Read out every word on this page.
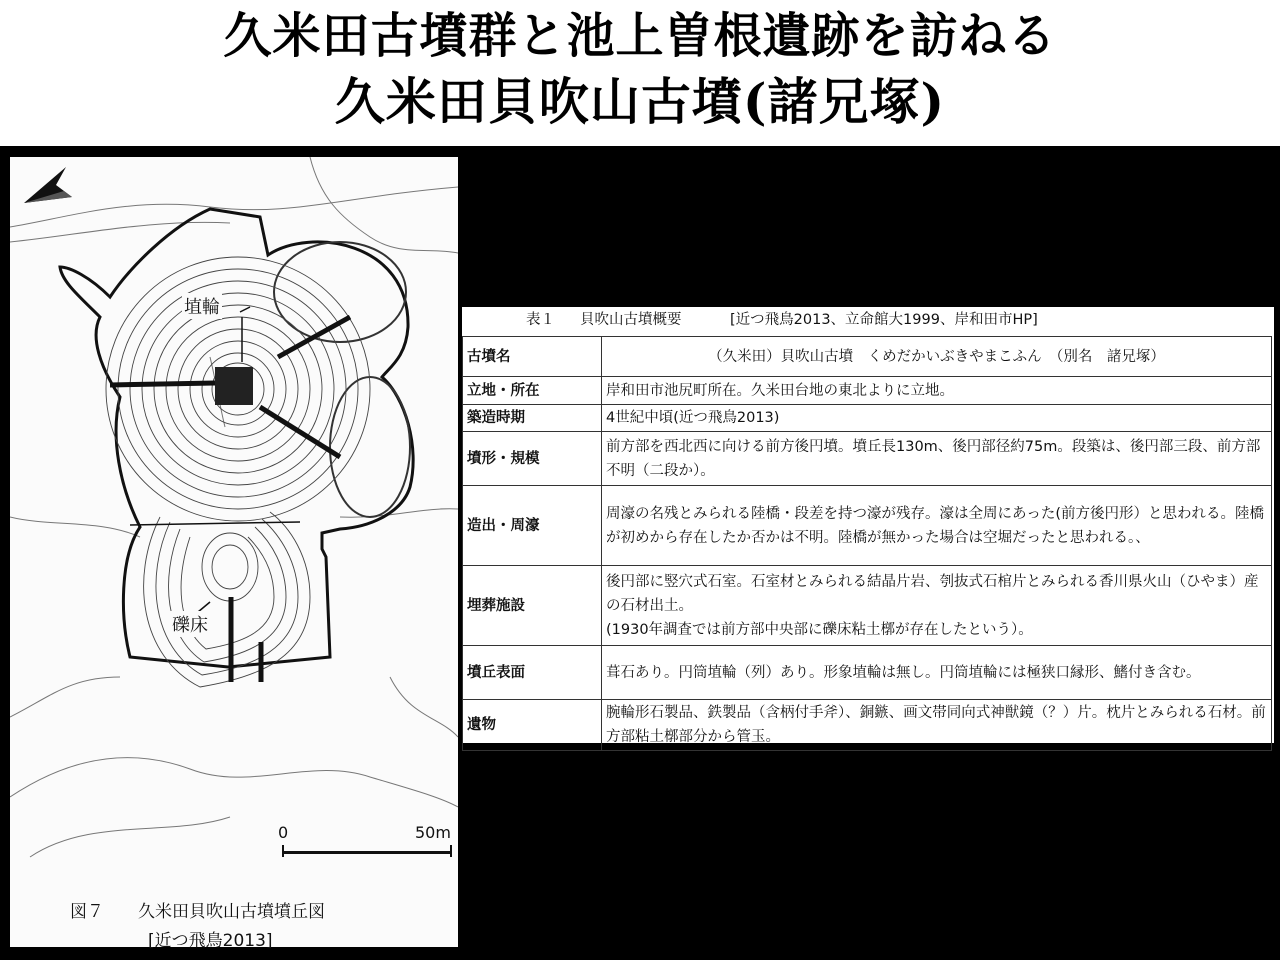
久米田古墳群と池上曽根遺跡を訪ねる
久米田貝吹山古墳(諸兄塚)
埴輪
礫床
0	50m
図７ 久米田貝吹山古墳墳丘図
[近つ飛鳥2013]
表１ 貝吹山古墳概要	[近つ飛鳥2013、立命館大1999、岸和田市HP]
古墳名	（久米田）貝吹山古墳　くめだかいぶきやまこふん　（別名　諸兄塚）
立地・所在	岸和田市池尻町所在。久米田台地の東北よりに立地。
築造時期	4世紀中頃(近つ飛鳥2013)
墳形・規模	前方部を西北西に向ける前方後円墳。墳丘長130m、後円部径約75m。段築は、後円部三段、前方部不明（二段か）。
造出・周濠	周濠の名残とみられる陸橋・段差を持つ濠が残存。濠は全周にあった(前方後円形）と思われる。陸橋が初めから存在したか否かは不明。陸橋が無かった場合は空堀だったと思われる。、
埋葬施設	後円部に竪穴式石室。石室材とみられる結晶片岩、刳抜式石棺片とみられる香川県火山（ひやま）産の石材出土。
(1930年調査では前方部中央部に礫床粘土槨が存在したという）。
墳丘表面	葺石あり。円筒埴輪（列）あり。形象埴輪は無し。円筒埴輪には極狭口縁形、鰭付き含む。
遺物	腕輪形石製品、鉄製品（含柄付手斧）、銅鏃、画文帯同向式神獣鏡（？）片。枕片とみられる石材。前方部粘土槨部分から管玉。
